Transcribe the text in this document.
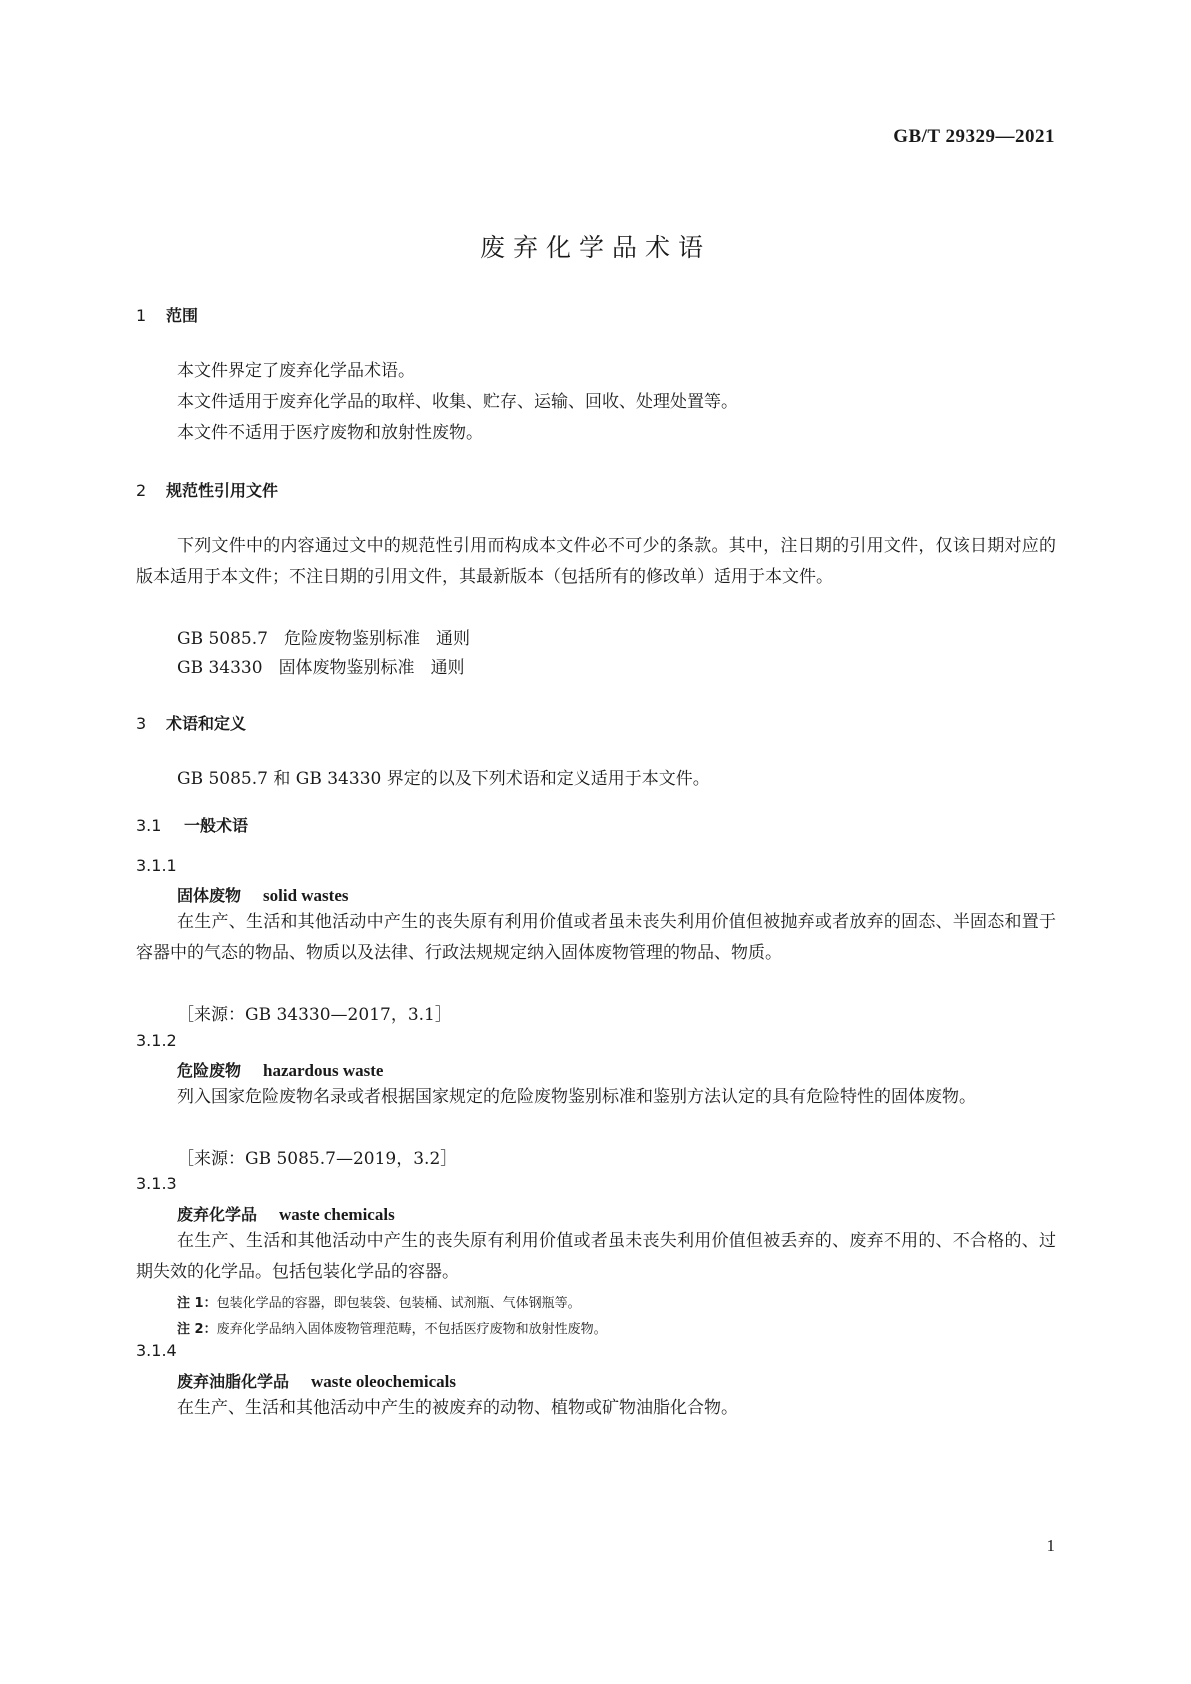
GB/T 29329—2021
废弃化学品术语
1 范围
本文件界定了废弃化学品术语。
本文件适用于废弃化学品的取样、收集、贮存、运输、回收、处理处置等。
本文件不适用于医疗废物和放射性废物。
2 规范性引用文件
下列文件中的内容通过文中的规范性引用而构成本文件必不可少的条款。其中，注日期的引用文件，仅该日期对应的版本适用于本文件；不注日期的引用文件，其最新版本（包括所有的修改单）适用于本文件。
GB 5085.7 危险废物鉴别标准 通则
GB 34330 固体废物鉴别标准 通则
3 术语和定义
GB 5085.7 和 GB 34330 界定的以及下列术语和定义适用于本文件。
3.1 一般术语
3.1.1
固体废物 solid wastes
在生产、生活和其他活动中产生的丧失原有利用价值或者虽未丧失利用价值但被抛弃或者放弃的固态、半固态和置于容器中的气态的物品、物质以及法律、行政法规规定纳入固体废物管理的物品、物质。
［来源：GB 34330—2017，3.1］
3.1.2
危险废物 hazardous waste
列入国家危险废物名录或者根据国家规定的危险废物鉴别标准和鉴别方法认定的具有危险特性的固体废物。
［来源：GB 5085.7—2019，3.2］
3.1.3
废弃化学品 waste chemicals
在生产、生活和其他活动中产生的丧失原有利用价值或者虽未丧失利用价值但被丢弃的、废弃不用的、不合格的、过期失效的化学品。包括包装化学品的容器。
注 1：包装化学品的容器，即包装袋、包装桶、试剂瓶、气体钢瓶等。
注 2：废弃化学品纳入固体废物管理范畴，不包括医疗废物和放射性废物。
3.1.4
废弃油脂化学品 waste oleochemicals
在生产、生活和其他活动中产生的被废弃的动物、植物或矿物油脂化合物。
1
